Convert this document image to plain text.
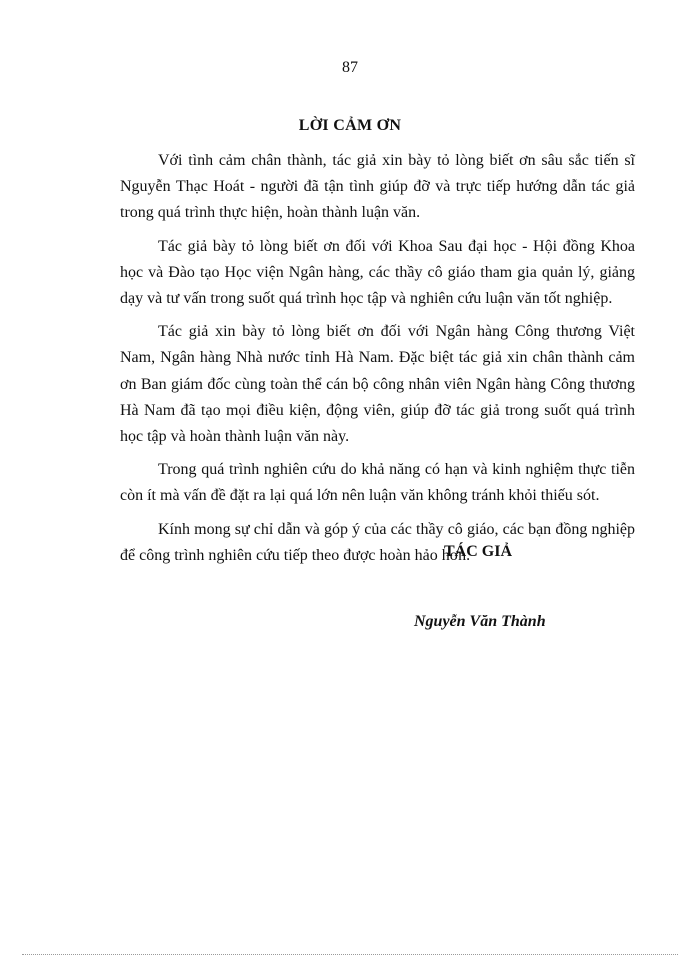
87
LỜI CẢM ƠN

Với tình cảm chân thành, tác giả xin bày tỏ lòng biết ơn sâu sắc tiến sĩ Nguyễn Thạc Hoát - người đã tận tình giúp đỡ và trực tiếp hướng dẫn tác giả trong quá trình thực hiện, hoàn thành luận văn.

Tác giả bày tỏ lòng biết ơn đối với Khoa Sau đại học - Hội đồng Khoa học và Đào tạo Học viện Ngân hàng, các thầy cô giáo tham gia quản lý, giảng dạy và tư vấn trong suốt quá trình học tập và nghiên cứu luận văn tốt nghiệp.

Tác giả xin bày tỏ lòng biết ơn đối với Ngân hàng Công thương Việt Nam, Ngân hàng Nhà nước tỉnh Hà Nam. Đặc biệt tác giả xin chân thành cảm ơn Ban giám đốc cùng toàn thể cán bộ công nhân viên Ngân hàng Công thương Hà Nam đã tạo mọi điều kiện, động viên, giúp đỡ tác giả trong suốt quá trình học tập và hoàn thành luận văn này.

Trong quá trình nghiên cứu do khả năng có hạn và kinh nghiệm thực tiễn còn ít mà vấn đề đặt ra lại quá lớn nên luận văn không tránh khỏi thiếu sót.

Kính mong sự chỉ dẫn và góp ý của các thầy cô giáo, các bạn đồng nghiệp để công trình nghiên cứu tiếp theo được hoàn hảo hơn.

TÁC GIẢ
Nguyễn Văn Thành
